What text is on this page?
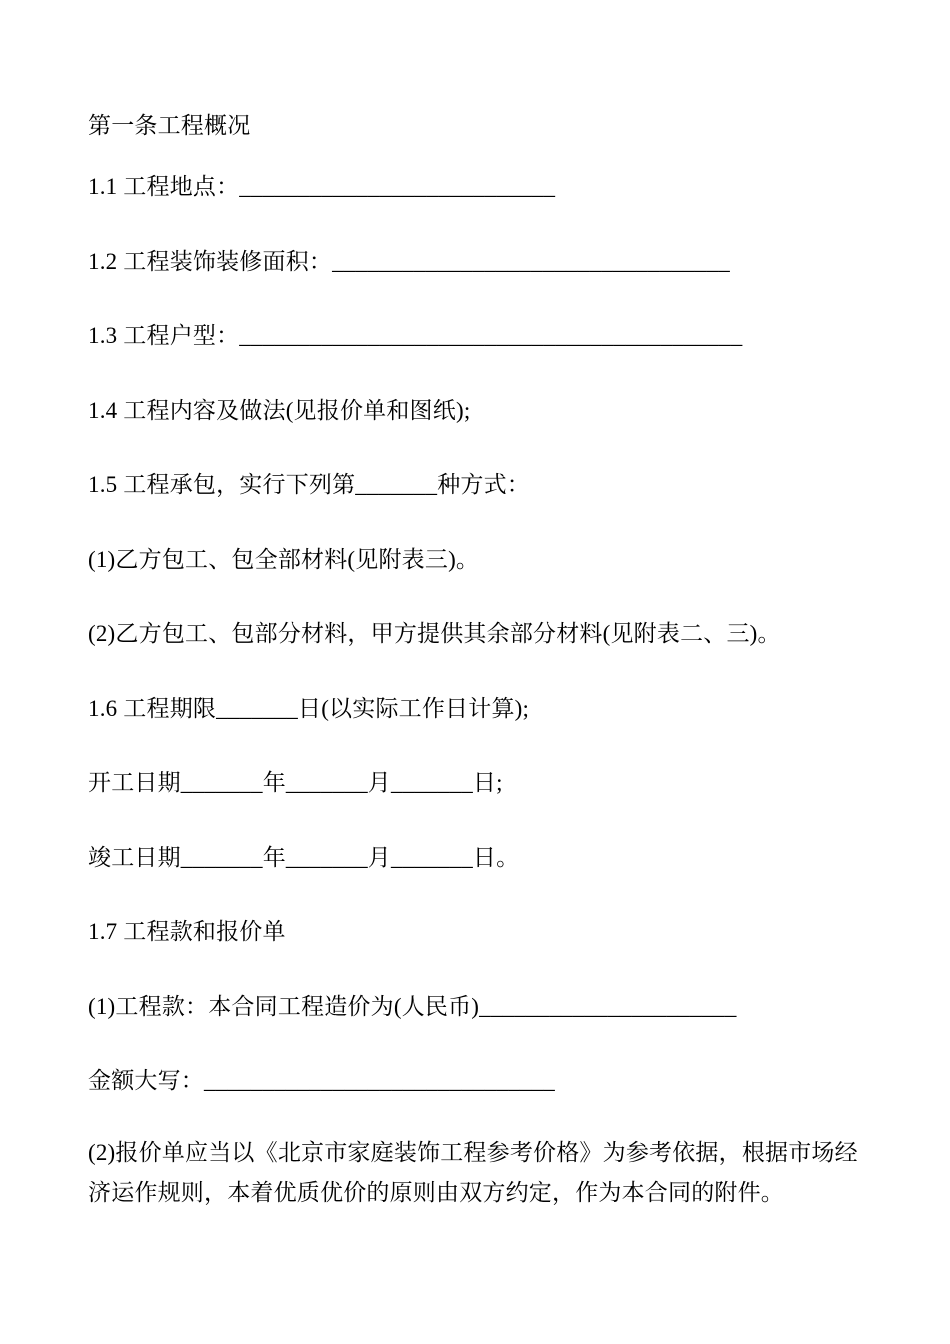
第一条工程概况
1.1 工程地点：___________________________
1.2 工程装饰装修面积：__________________________________
1.3 工程户型：___________________________________________
1.4 工程内容及做法(见报价单和图纸);
1.5 工程承包，实行下列第_______种方式：
(1)乙方包工、包全部材料(见附表三)。
(2)乙方包工、包部分材料，甲方提供其余部分材料(见附表二、三)。
1.6 工程期限_______日(以实际工作日计算);
开工日期_______年_______月_______日;
竣工日期_______年_______月_______日。
1.7 工程款和报价单
(1)工程款：本合同工程造价为(人民币)______________________
金额大写：______________________________
(2)报价单应当以《北京市家庭装饰工程参考价格》为参考依据，根据市场经济运作规则，本着优质优价的原则由双方约定，作为本合同的附件。
